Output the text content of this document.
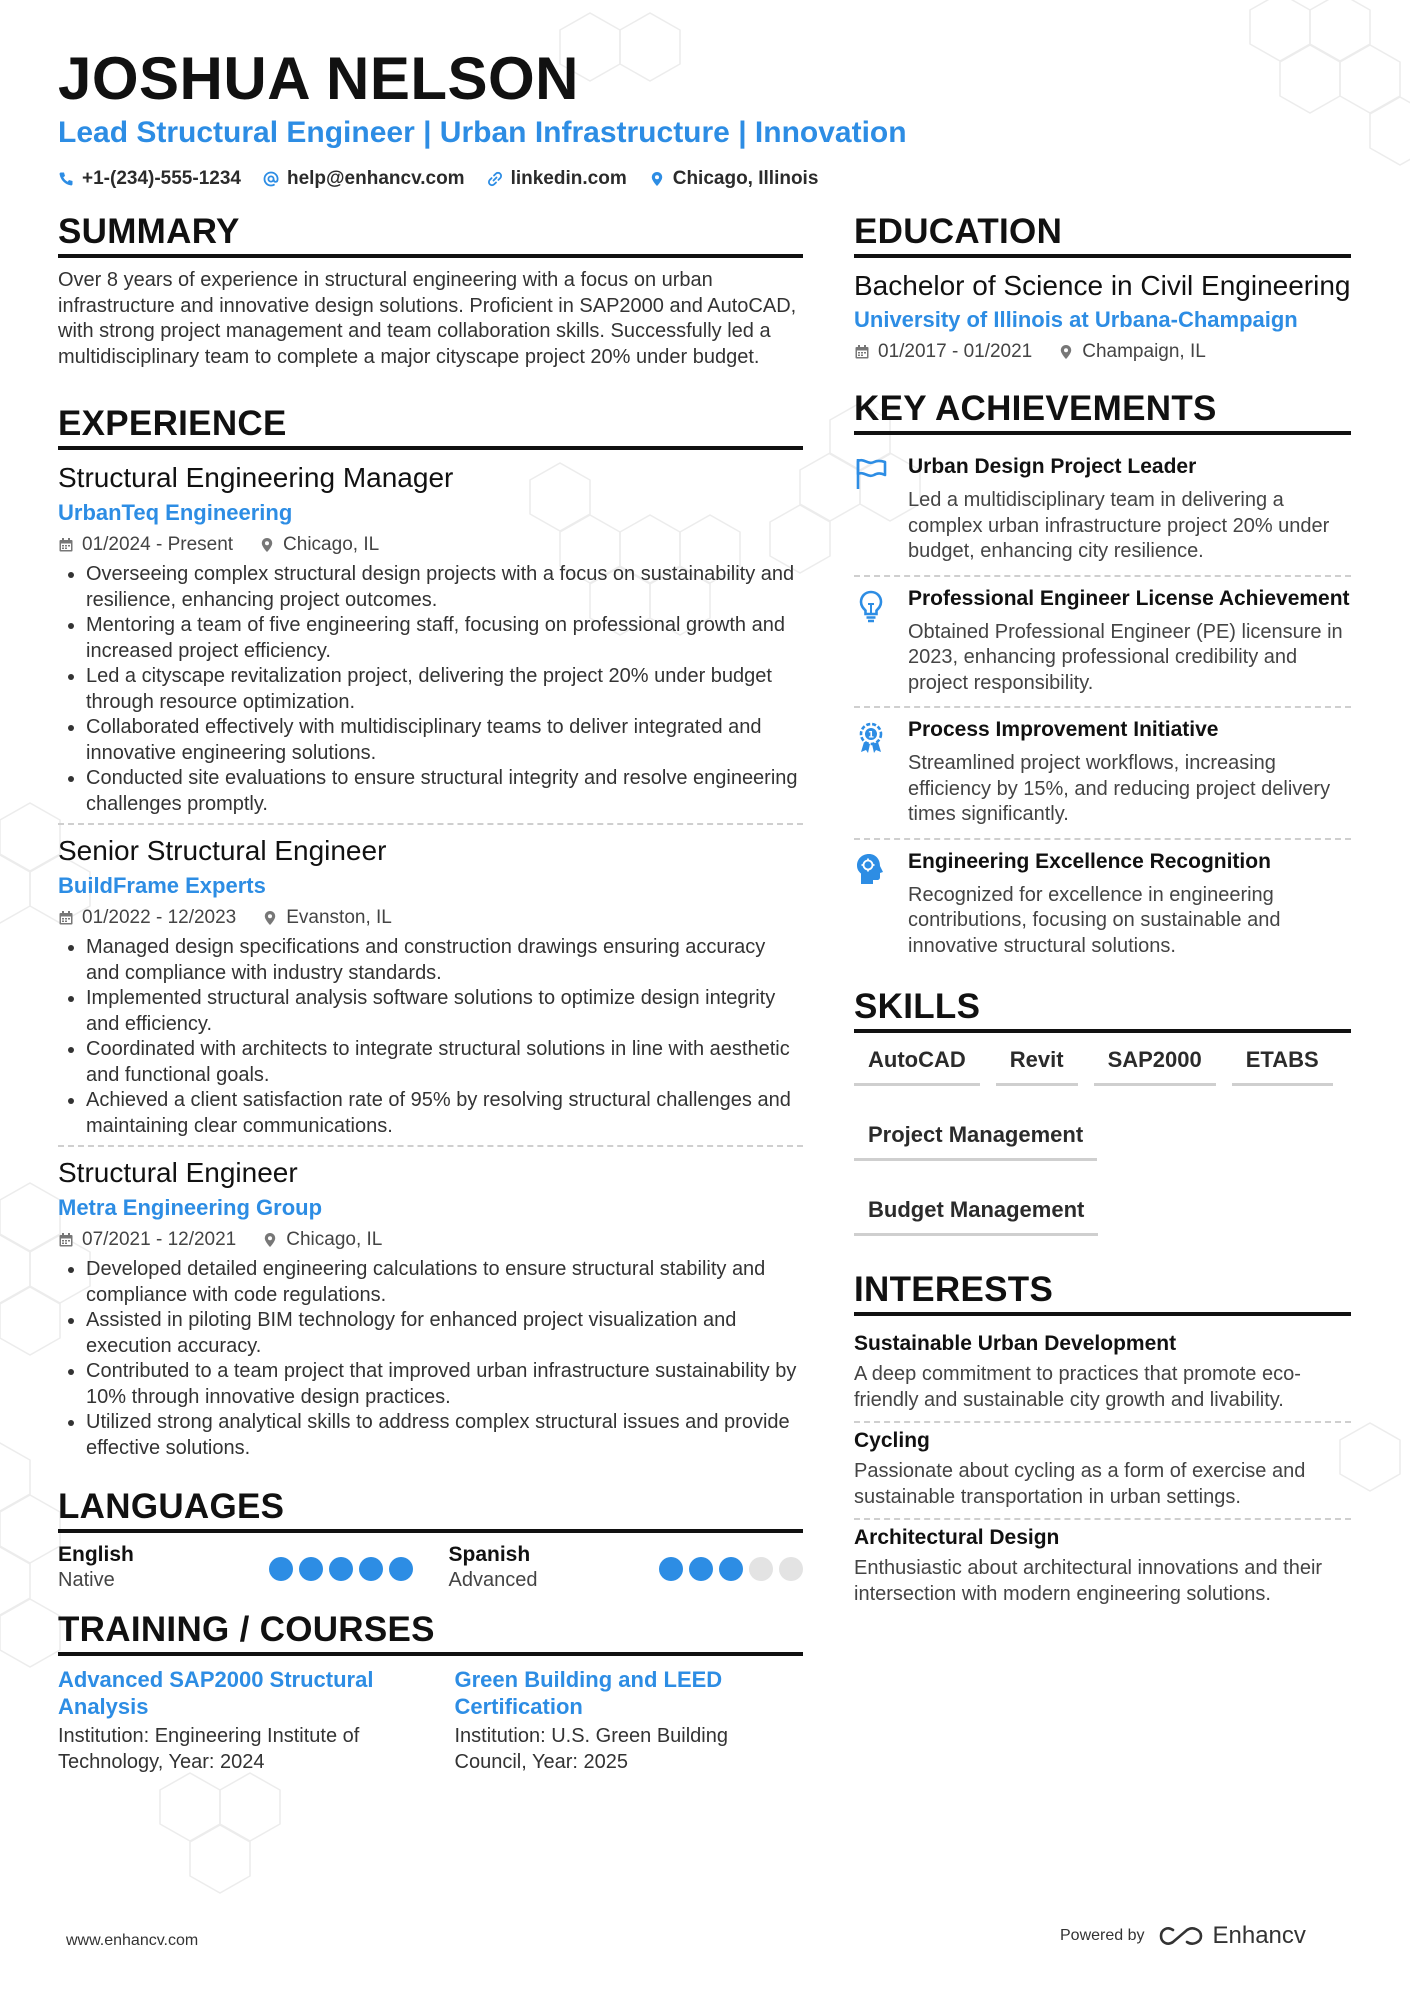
JOSHUA NELSON
Lead Structural Engineer | Urban Infrastructure | Innovation
+1-(234)-555-1234 help@enhancv.com linkedin.com Chicago, Illinois
SUMMARY
Over 8 years of experience in structural engineering with a focus on urban infrastructure and innovative design solutions. Proficient in SAP2000 and AutoCAD, with strong project management and team collaboration skills. Successfully led a multidisciplinary team to complete a major cityscape project 20% under budget.
EXPERIENCE
Structural Engineering Manager
UrbanTeq Engineering
01/2024 - Present	Chicago, IL
• Overseeing complex structural design projects with a focus on sustainability and resilience, enhancing project outcomes.
• Mentoring a team of five engineering staff, focusing on professional growth and increased project efficiency.
• Led a cityscape revitalization project, delivering the project 20% under budget through resource optimization.
• Collaborated effectively with multidisciplinary teams to deliver integrated and innovative engineering solutions.
• Conducted site evaluations to ensure structural integrity and resolve engineering challenges promptly.
Senior Structural Engineer
BuildFrame Experts
01/2022 - 12/2023	Evanston, IL
• Managed design specifications and construction drawings ensuring accuracy and compliance with industry standards.
• Implemented structural analysis software solutions to optimize design integrity and efficiency.
• Coordinated with architects to integrate structural solutions in line with aesthetic and functional goals.
• Achieved a client satisfaction rate of 95% by resolving structural challenges and maintaining clear communications.
Structural Engineer
Metra Engineering Group
07/2021 - 12/2021	Chicago, IL
• Developed detailed engineering calculations to ensure structural stability and compliance with code regulations.
• Assisted in piloting BIM technology for enhanced project visualization and execution accuracy.
• Contributed to a team project that improved urban infrastructure sustainability by 10% through innovative design practices.
• Utilized strong analytical skills to address complex structural issues and provide effective solutions.
LANGUAGES
English
Native
Spanish
Advanced
TRAINING / COURSES
Advanced SAP2000 Structural Analysis
Institution: Engineering Institute of Technology, Year: 2024
Green Building and LEED Certification
Institution: U.S. Green Building Council, Year: 2025
EDUCATION
Bachelor of Science in Civil Engineering
University of Illinois at Urbana-Champaign
01/2017 - 01/2021	Champaign, IL
KEY ACHIEVEMENTS
Urban Design Project Leader
Led a multidisciplinary team in delivering a complex urban infrastructure project 20% under budget, enhancing city resilience.
Professional Engineer License Achievement
Obtained Professional Engineer (PE) licensure in 2023, enhancing professional credibility and project responsibility.
1 Process Improvement Initiative
Streamlined project workflows, increasing efficiency by 15%, and reducing project delivery times significantly.
Engineering Excellence Recognition
Recognized for excellence in engineering contributions, focusing on sustainable and innovative structural solutions.
SKILLS
AutoCAD	Revit	SAP2000	ETABS
Project Management
Budget Management
INTERESTS
Sustainable Urban Development
A deep commitment to practices that promote eco-friendly and sustainable city growth and livability.
Cycling
Passionate about cycling as a form of exercise and sustainable transportation in urban settings.
Architectural Design
Enthusiastic about architectural innovations and their intersection with modern engineering solutions.
www.enhancv.com	Powered by	Enhancv
